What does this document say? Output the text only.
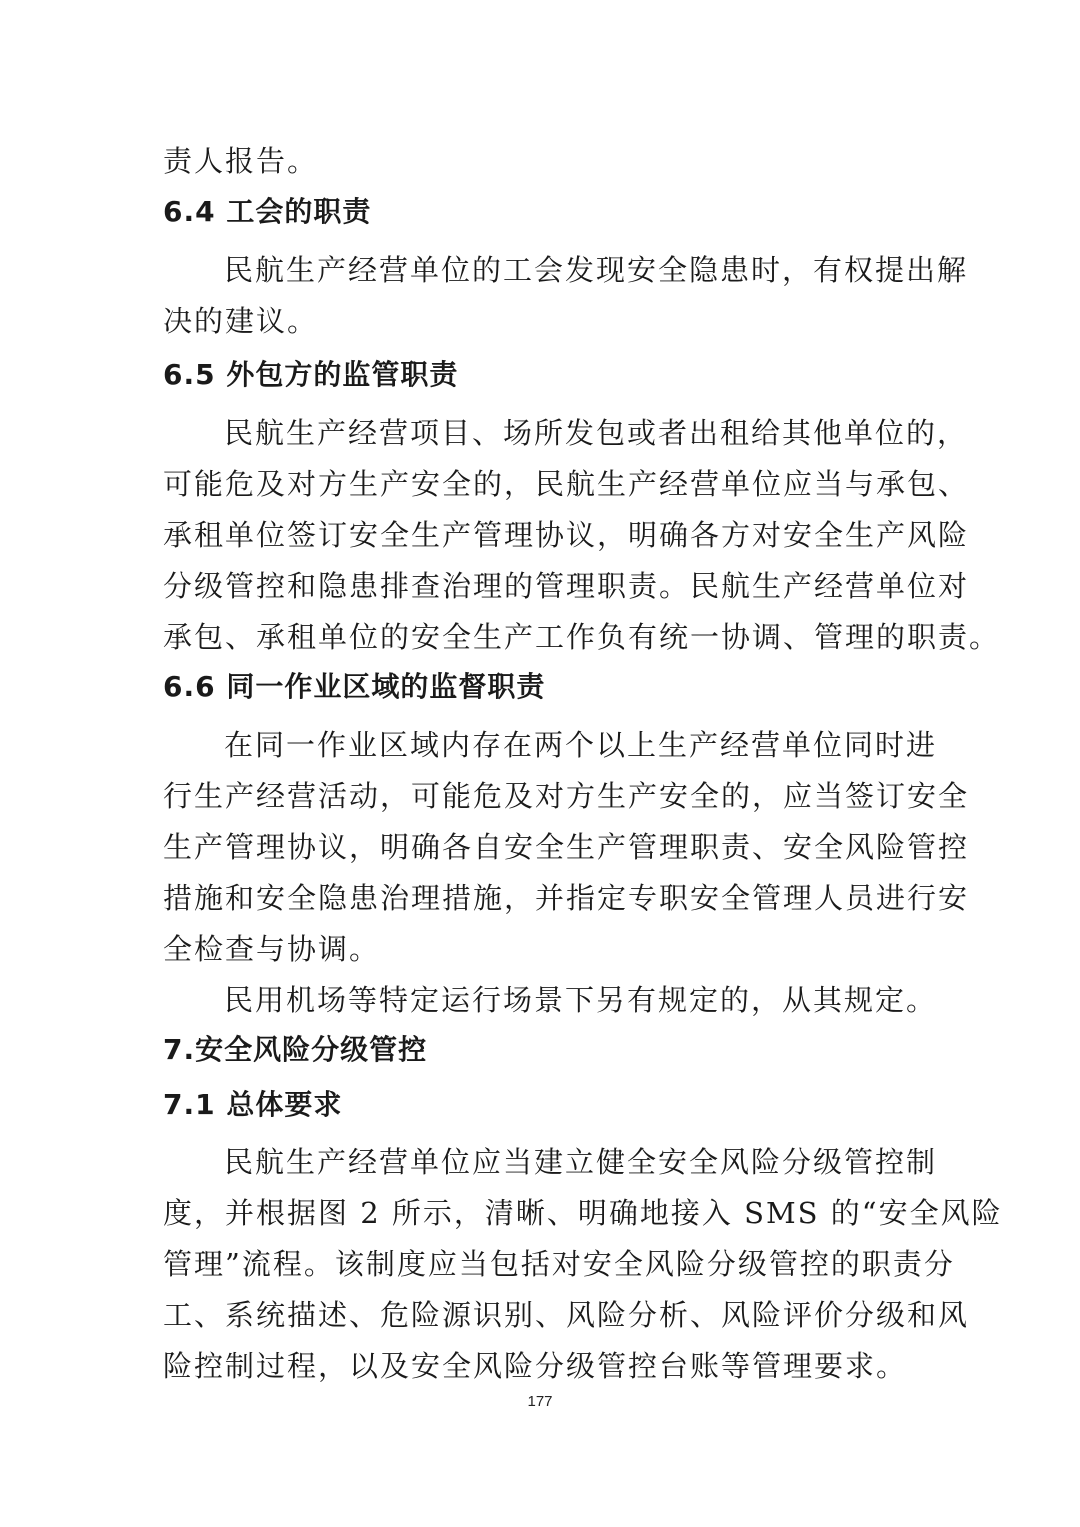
责人报告。
6.4 工会的职责
民航生产经营单位的工会发现安全隐患时，有权提出解
决的建议。
6.5 外包方的监管职责
民航生产经营项目、场所发包或者出租给其他单位的，
可能危及对方生产安全的，民航生产经营单位应当与承包、
承租单位签订安全生产管理协议，明确各方对安全生产风险
分级管控和隐患排查治理的管理职责。民航生产经营单位对
承包、承租单位的安全生产工作负有统一协调、管理的职责。
6.6 同一作业区域的监督职责
在同一作业区域内存在两个以上生产经营单位同时进
行生产经营活动，可能危及对方生产安全的，应当签订安全
生产管理协议，明确各自安全生产管理职责、安全风险管控
措施和安全隐患治理措施，并指定专职安全管理人员进行安
全检查与协调。
民用机场等特定运行场景下另有规定的，从其规定。
7.安全风险分级管控
7.1 总体要求
民航生产经营单位应当建立健全安全风险分级管控制
度，并根据图 2 所示，清晰、明确地接入 SMS 的“安全风险
管理”流程。该制度应当包括对安全风险分级管控的职责分
工、系统描述、危险源识别、风险分析、风险评价分级和风
险控制过程，以及安全风险分级管控台账等管理要求。
177
